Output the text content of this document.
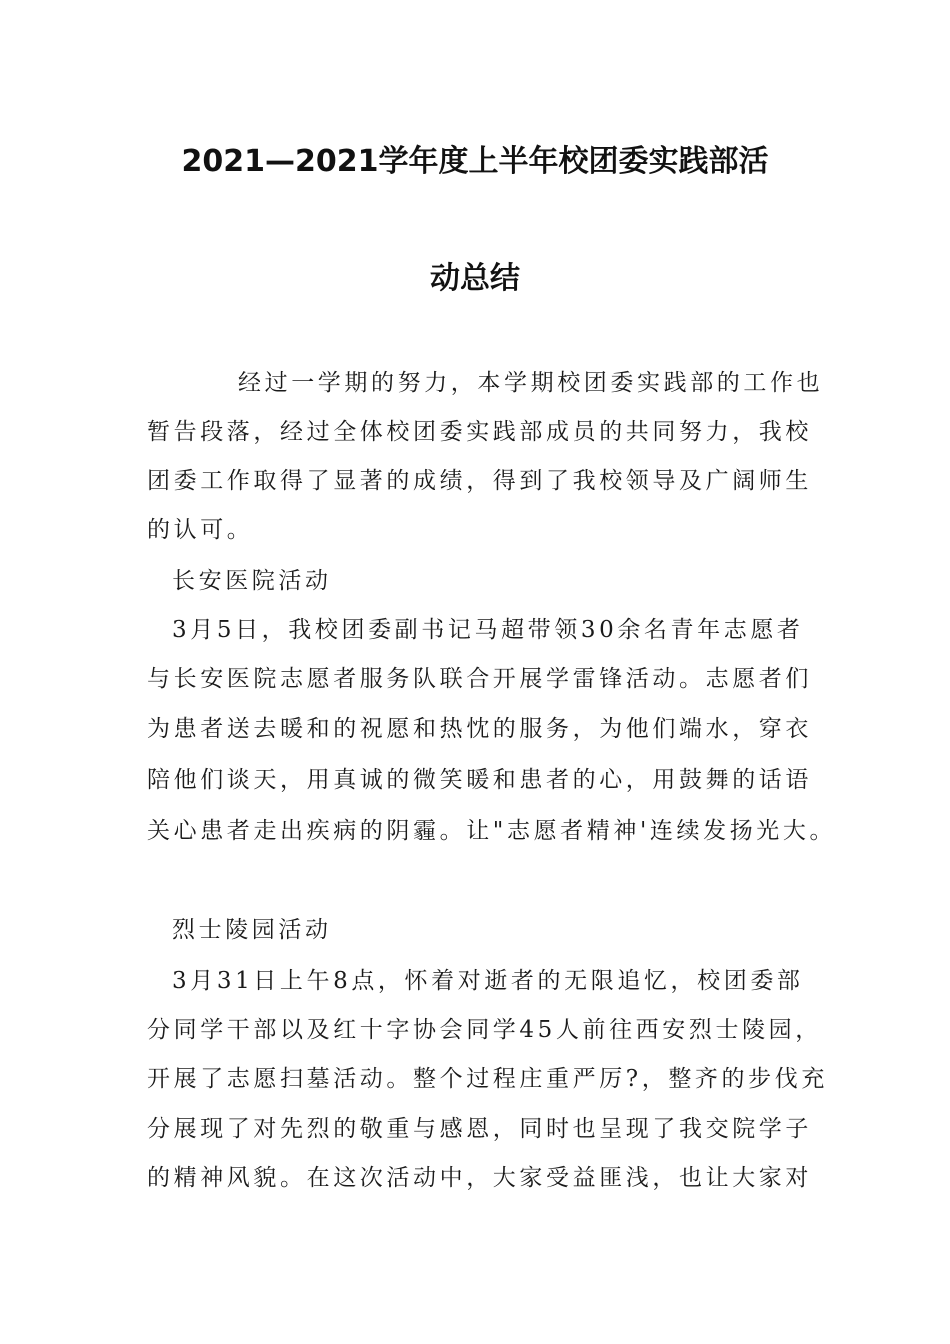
2021—2021学年度上半年校团委实践部活
动总结
经过一学期的努力，本学期校团委实践部的工作也
暂告段落，经过全体校团委实践部成员的共同努力，我校
团委工作取得了显著的成绩，得到了我校领导及广阔师生
的认可。
长安医院活动
3月5日，我校团委副书记马超带领30余名青年志愿者
与长安医院志愿者服务队联合开展学雷锋活动。志愿者们
为患者送去暖和的祝愿和热忱的服务，为他们端水，穿衣
陪他们谈天，用真诚的微笑暖和患者的心，用鼓舞的话语
关心患者走出疾病的阴霾。让"志愿者精神'连续发扬光大。
烈士陵园活动
3月31日上午8点，怀着对逝者的无限追忆，校团委部
分同学干部以及红十字协会同学45人前往西安烈士陵园，
开展了志愿扫墓活动。整个过程庄重严厉?，整齐的步伐充
分展现了对先烈的敬重与感恩，同时也呈现了我交院学子
的精神风貌。在这次活动中，大家受益匪浅，也让大家对
